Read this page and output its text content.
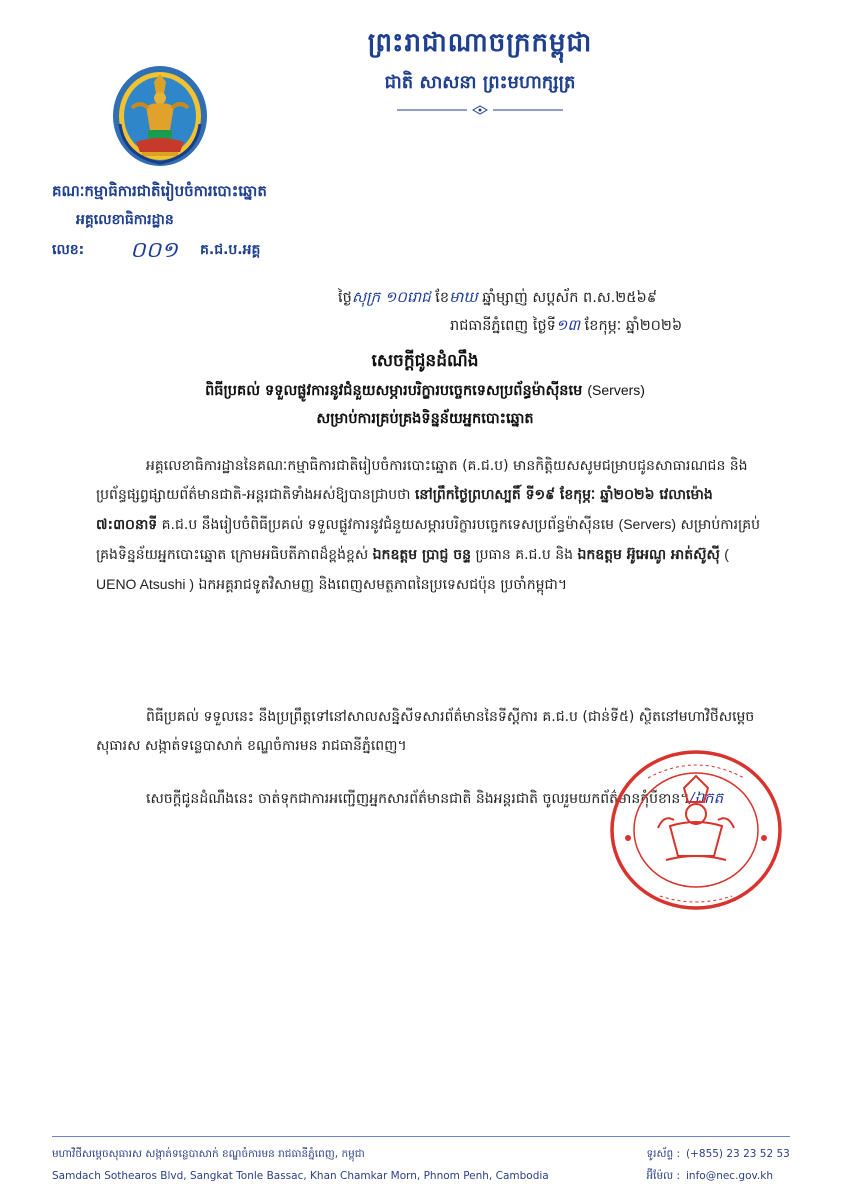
ព្រះរាជាណាចក្រកម្ពុជា
ជាតិ សាសនា ព្រះមហាក្សត្រ
គណៈកម្មាធិការជាតិរៀបចំការបោះឆ្នោត
អគ្គលេខាធិការដ្ឋាន
លេខ: ០០១ គ.ជ.ប.អគ្គ
ថ្ងៃសុក្រ ១០រោជ ខែមាឃ ឆ្នាំម្សាញ់ សប្តស័ក ព.ស.២៥៦៩
រាជធានីភ្នំពេញ ថ្ងៃទី១៣ ខែកុម្ភៈ ឆ្នាំ២០២៦
សេចក្ដីជូនដំណឹង
ពិធីប្រគល់ ទទួលផ្លូវការនូវជំនួយសម្ភារបរិក្ខារបច្ចេកទេសប្រព័ន្ធម៉ាស៊ីនមេ (Servers)
សម្រាប់ការគ្រប់គ្រងទិន្នន័យអ្នកបោះឆ្នោត
អគ្គលេខាធិការដ្ឋាននៃគណៈកម្មាធិការជាតិរៀបចំការបោះឆ្នោត (គ.ជ.ប) មានកិត្តិយសសូមជម្រាបជូនសាធារណជន និងប្រព័ន្ធផ្សព្វផ្សាយព័ត៌មានជាតិ-អន្តរជាតិទាំងអស់ឱ្យបានជ្រាបថា នៅព្រឹកថ្ងៃព្រហស្បតិ៍ ទី១៩ ខែកុម្ភៈ ឆ្នាំ២០២៦ វេលាម៉ោង ៧:៣០នាទី គ.ជ.ប នឹងរៀបចំពិធីប្រគល់ ទទួលផ្លូវការនូវជំនួយសម្ភារបរិក្ខារបច្ចេកទេសប្រព័ន្ធម៉ាស៊ីនមេ (Servers) សម្រាប់ការគ្រប់គ្រងទិន្នន័យអ្នកបោះឆ្នោត ក្រោមអធិបតីភាពដ៏ខ្ពង់ខ្ពស់ ឯកឧត្តម ប្រាជ្ញ ចន្ទ ប្រធាន គ.ជ.ប និង ឯកឧត្តម អ៊ូអេណូ អាត់ស៊ូស៊ី ( UENO Atsushi ) ឯកអគ្គរាជទូតវិសាមញ្ញ និងពេញសមត្ថភាពនៃប្រទេសជប៉ុន ប្រចាំកម្ពុជា។
ពិធីប្រគល់ ទទួលនេះ នឹងប្រព្រឹត្តទៅនៅសាលសន្និសីទសារព័ត៌មាននៃទីស្ដីការ គ.ជ.ប (ជាន់ទី៥) ស្ថិតនៅមហាវិថីសម្ដេចសុធារស សង្កាត់ទន្លេបាសាក់ ខណ្ឌចំការមន រាជធានីភ្នំពេញ។
សេចក្ដីជូនដំណឹងនេះ ចាត់ទុកជាការអញ្ជើញអ្នកសារព័ត៌មានជាតិ និងអន្តរជាតិ ចូលរួមយកព័ត៌មានកុំបីខាន។/ឯកត
មហាវិថីសម្ដេចសុធារស សង្កាត់ទន្លេបាសាក់ ខណ្ឌចំការមន រាជធានីភ្នំពេញ, កម្ពុជា
Samdach Sothearos Blvd, Sangkat Tonle Bassac, Khan Chamkar Morn, Phnom Penh, Cambodia
ទូរស័ព្ទ : (+855) 23 23 52 53
អ៊ីម៉ែល : info@nec.gov.kh
